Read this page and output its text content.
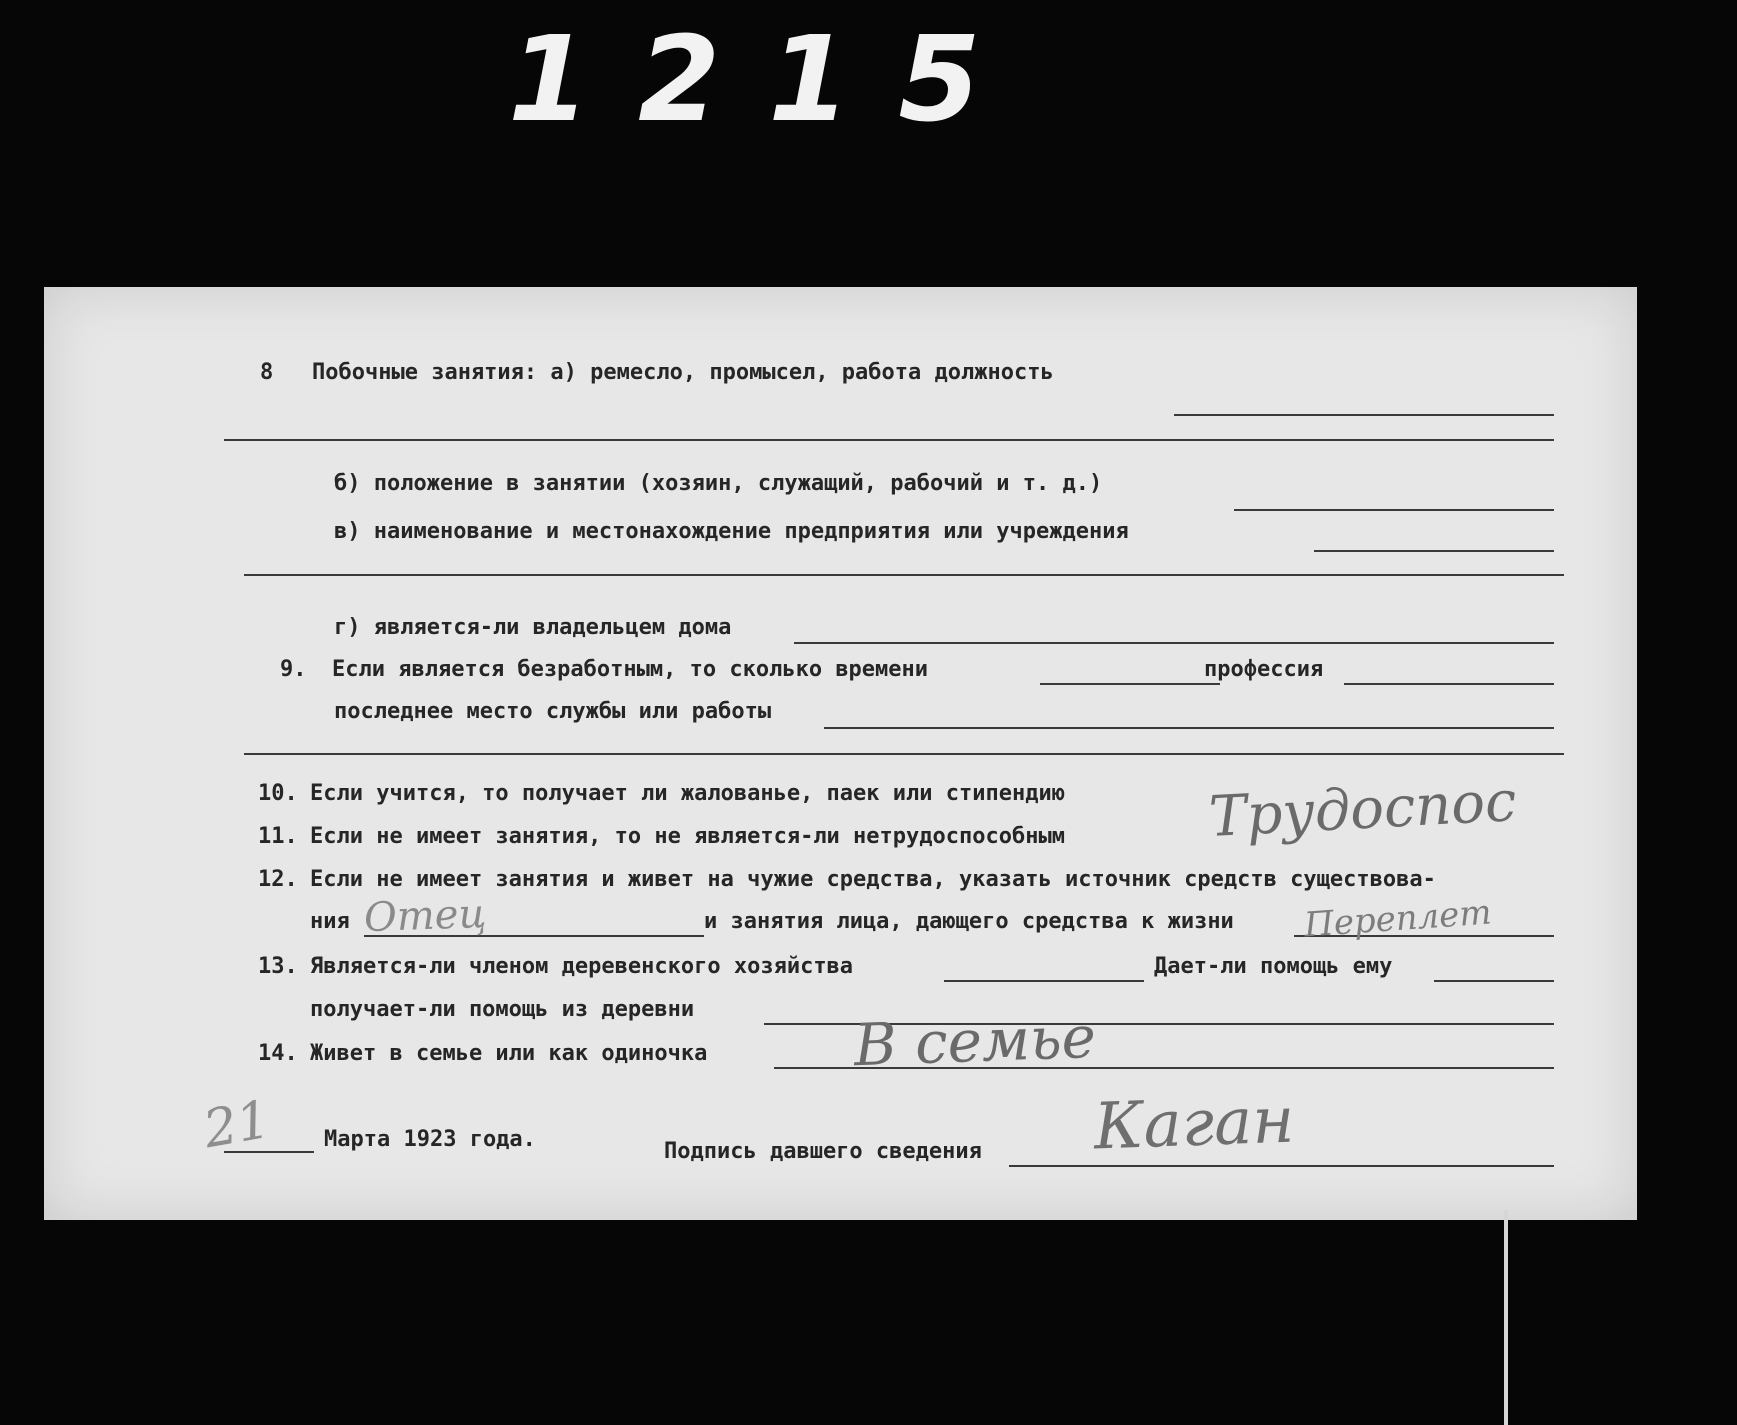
1215
8 Побочные занятия: а) ремесло, промысел, работа должность
б) положение в занятии (хозяин, служащий, рабочий и т. д.)
в) наименование и местонахождение предприятия или учреждения
г) является-ли владельцем дома
9. Если является безработным, то сколько времени	профессия
последнее место службы или работы
10. Если учится, то получает ли жалованье, паек или стипендию
11. Если не имеет занятия, то не является-ли нетрудоспособным
12. Если не имеет занятия и живет на чужие средства, указать источник средств существова-
ния	и занятия лица, дающего средства к жизни
13. Является-ли членом деревенского хозяйства	Дает-ли помощь ему
получает-ли помощь из деревни
14. Живет в семье или как одиночка
Марта 1923 года.	Подпись давшего сведения
Трудоспос
Отец	Переплет
В семье
21	Каган
